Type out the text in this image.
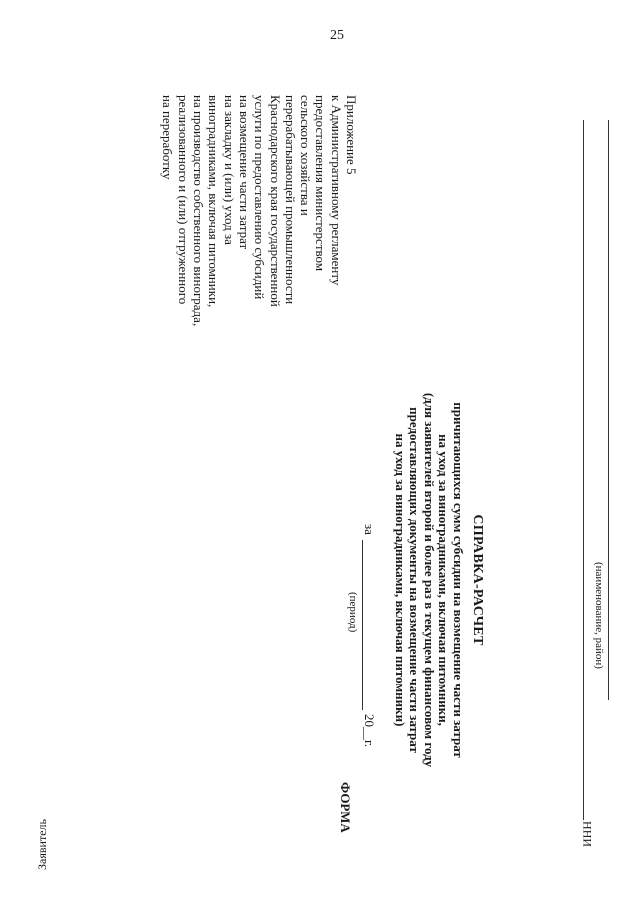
25
Приложение 5
к Административному регламенту
предоставления министерством
сельского хозяйства и
перерабатывающей промышленности
Краснодарского края государственной
услуги по предоставлению субсидий
на возмещение части затрат
на закладку и (или) уход за
виноградниками, включая питомники,
на производство собственного винограда,
реализованного и (или) отгруженного
на переработку
СПРАВКА-РАСЧЕТ
причитающихся сумм субсидии на возмещение части затрат
на уход за виноградниками, включая питомники,
(для заявителей второй и более раз в текущем финансовом году
предоставляющих документы на возмещение части затрат
на уход за виноградниками, включая питомники)
ФОРМА
за
20__г.
(период)	(наименование, район)
Заявитель	ИНН
